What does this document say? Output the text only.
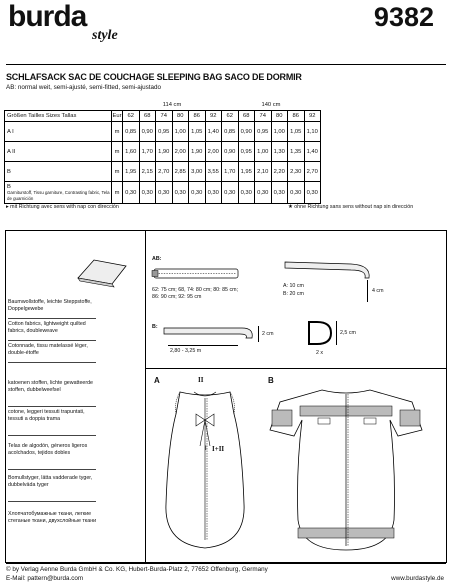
burda
style
9382
SCHLAFSACK SAC DE COUCHAGE SLEEPING BAG SACO DE DORMIR
AB: normal weit, semi-ajusté, semi-fitted, semi-ajustado
		114 cm						140 cm					
Größen Tailles Sizes Tallas	Eur	62	68	74	80	86	92	62	68	74	80	86	92
A I	m	0,85	0,90	0,95	1,00	1,05	1,40	0,85	0,90	0,95	1,00	1,05	1,10
A II	m	1,60	1,70	1,90	2,00	1,90	2,00	0,90	0,95	1,00	1,30	1,35	1,40
B	m	1,95	2,15	2,70	2,85	3,00	3,55	1,70	1,95	2,10	2,20	2,30	2,70
B
Garniturstoff, Tissu garniture, Contrasting fabric, Tela de guarnición	m	0,30	0,30	0,30	0,30	0,30	0,30	0,30	0,30	0,30	0,30	0,30	0,30
▸ mit Richtung avec sens with nap con dirección	★ ohne Richtung sans sens without nap sin dirección
Baumwollstoffe, leichte Steppstoffe, Doppelgewebe
Cotton fabrics, lightweight quilted fabrics, doubleweave
Cotonnade, tissu matelassé léger, double-étoffe
katoenen stoffen, lichte gewatteerde stoffen, dubbelweefsel
cotone, leggeri tessuti trapuntati, tessuti a doppia trama
Telas de algodón, géneros ligeros acolchados, tejidos dobles
Bomullstyger, lätta vadderade tyger, dubbelväda tyger
Хлопчатобумажные ткани, легкие стеганые ткани, двухслойные ткани
AB:
62: 75 cm; 68, 74: 80 cm; 80: 85 cm;
86: 90 cm; 92: 95 cm
A: 10 cm
B: 20 cm	4 cm
B:
2 cm
2,80 - 3,25 m
2,5 cm
2 x
A	II
I+II
I
B
© by Verlag Aenne Burda GmbH & Co. KG, Hubert-Burda-Platz 2, 77652 Offenburg, Germany
E-Mail: pattern@burda.com	www.burdastyle.de
